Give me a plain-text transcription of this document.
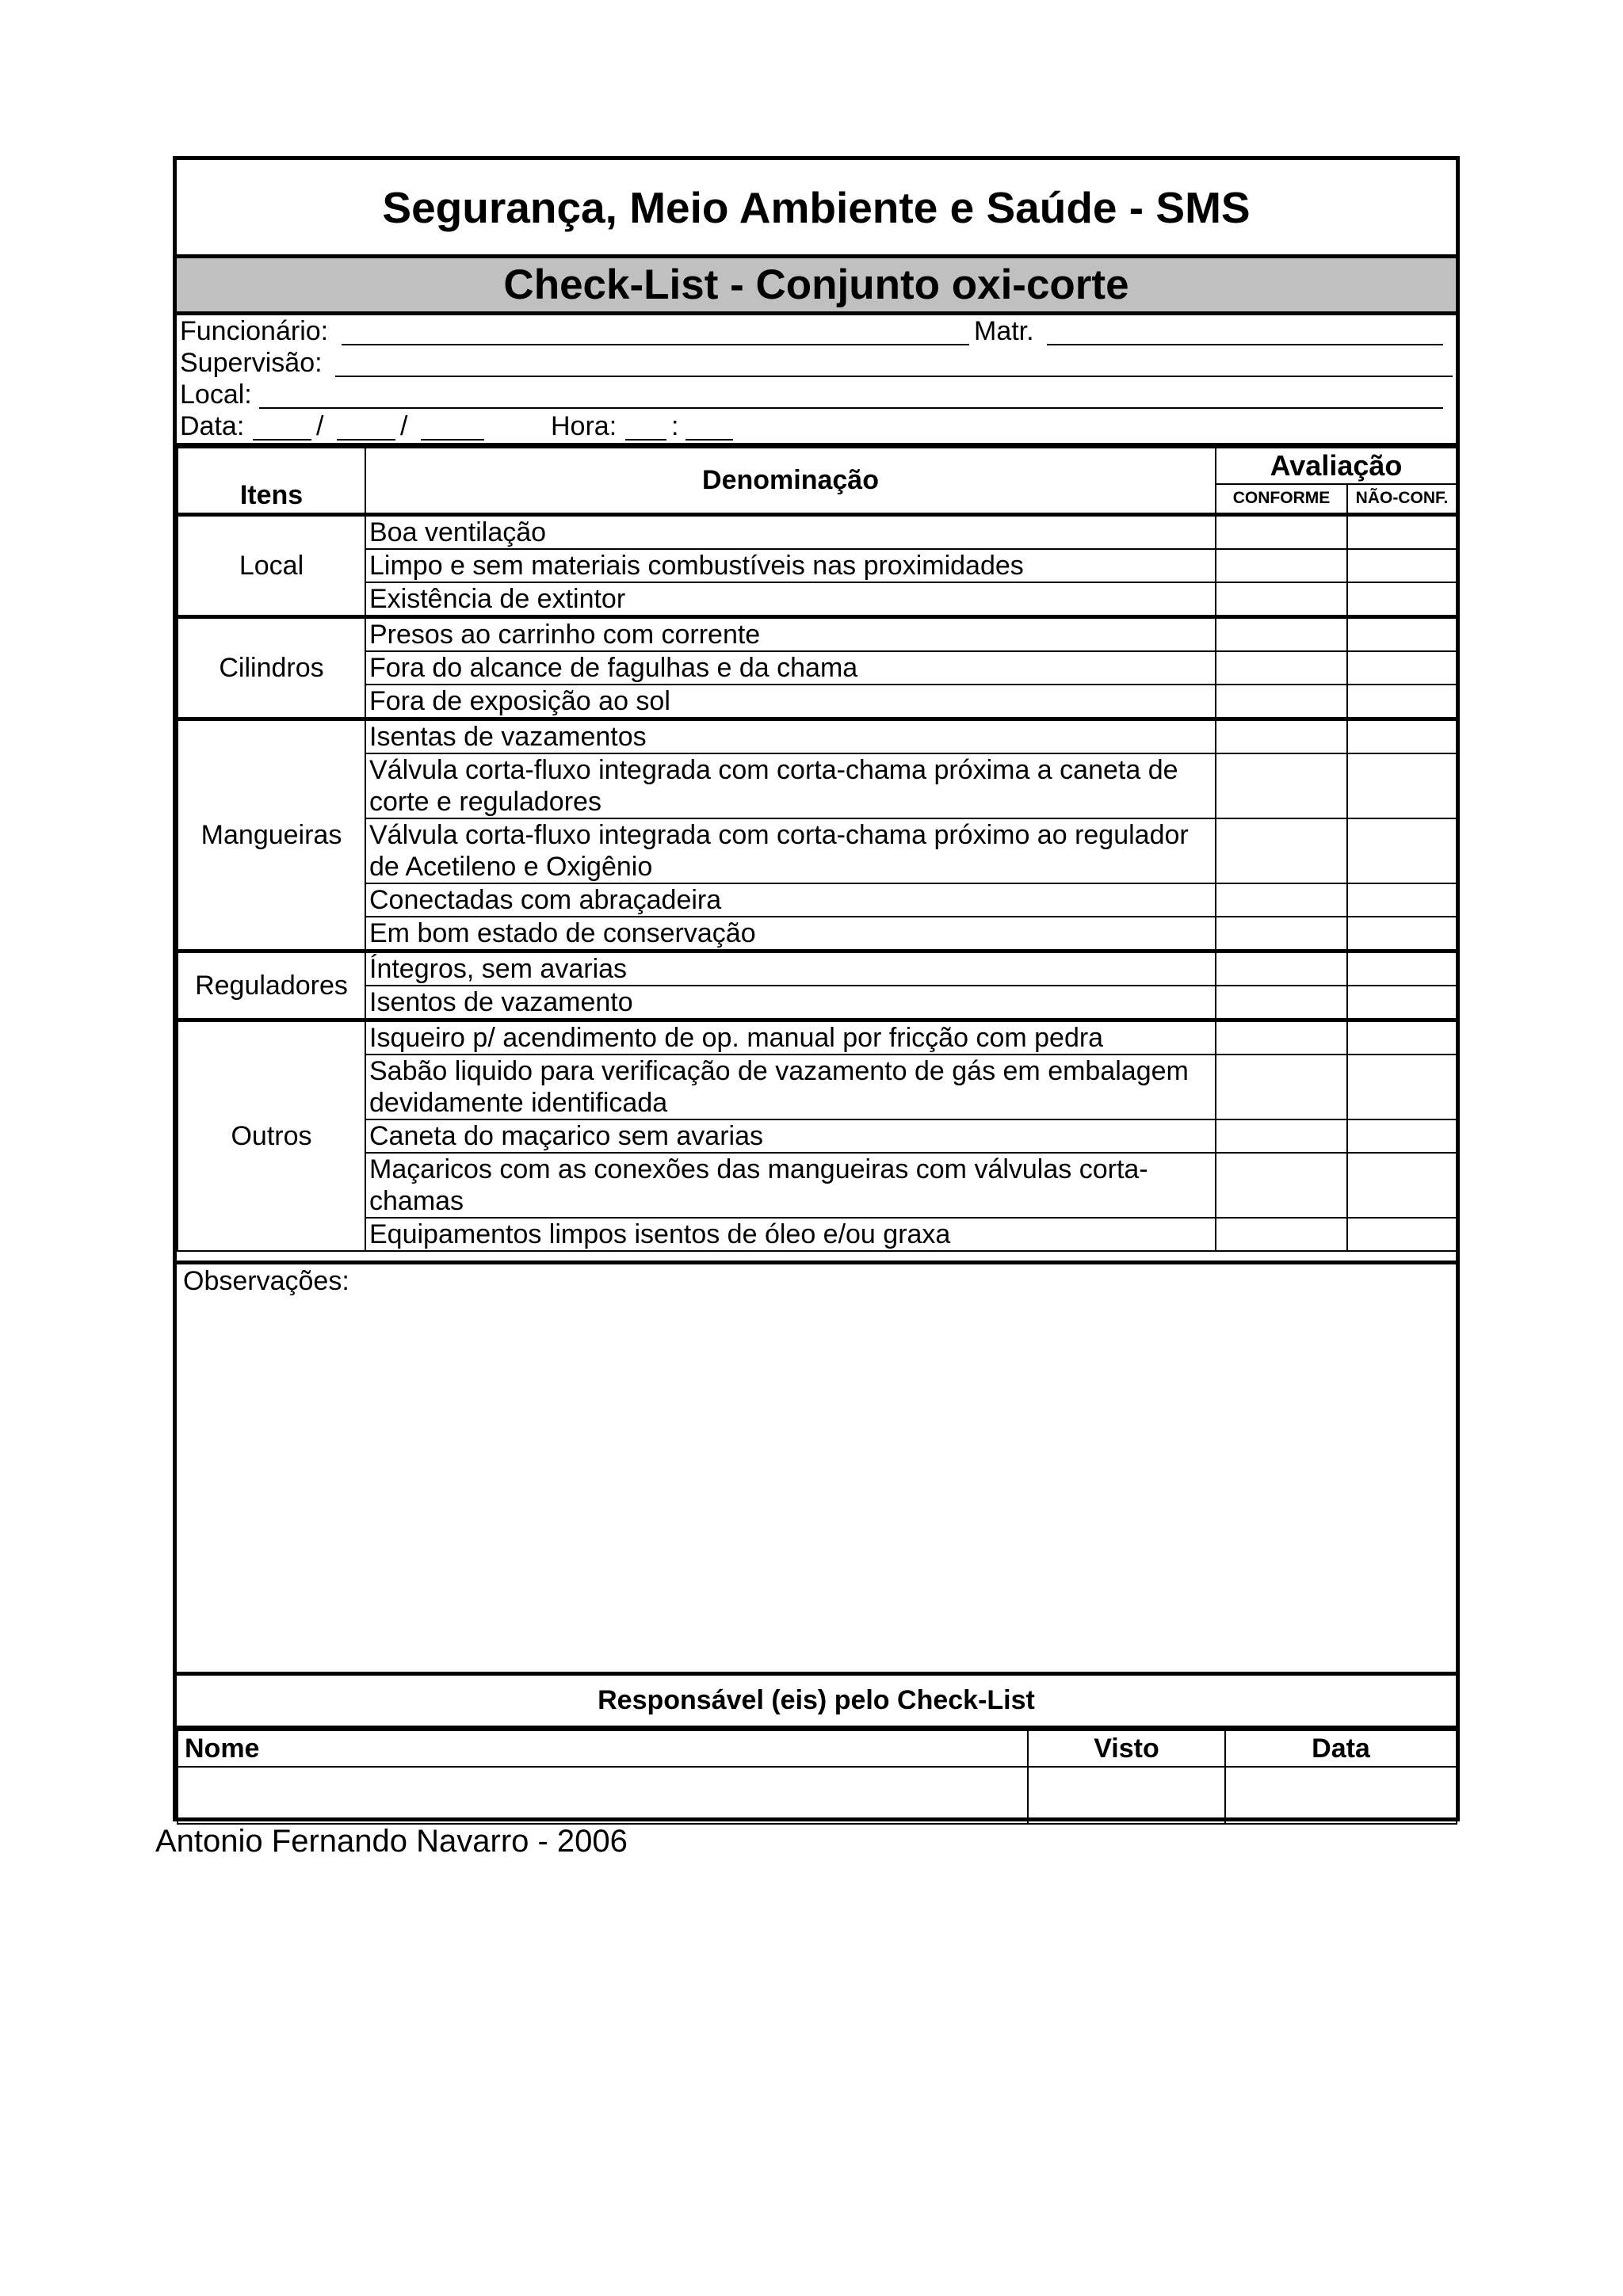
Segurança, Meio Ambiente e Saúde - SMS
Check-List - Conjunto oxi-corte
Funcionário:	Matr.
Supervisão:
Local:
Data:	/	/	Hora: :
Itens	Denominação	Avaliação	
		CONFORME	NÃO-CONF.
Local	Boa ventilação		
	Limpo e sem materiais combustíveis nas proximidades		
	Existência de extintor		
Cilindros	Presos ao carrinho com corrente		
	Fora do alcance de fagulhas e da chama		
	Fora de exposição ao sol		
Mangueiras	Isentas de vazamentos		
	Válvula corta-fluxo integrada com corta-chama próxima a caneta de corte e reguladores		
	Válvula corta-fluxo integrada com corta-chama próximo ao regulador de Acetileno e Oxigênio		
	Conectadas com abraçadeira		
	Em bom estado de conservação		
Reguladores	Íntegros, sem avarias		
	Isentos de vazamento		
Outros	Isqueiro p/ acendimento de op. manual por fricção com pedra		
	Sabão liquido para verificação de vazamento de gás em embalagem devidamente identificada		
	Caneta do maçarico sem avarias		
	Maçaricos com as conexões das mangueiras com válvulas corta-chamas		
	Equipamentos limpos isentos de óleo e/ou graxa		
Observações:
Responsável (eis) pelo Check-List
Nome	Visto	Data

Antonio Fernando Navarro - 2006
